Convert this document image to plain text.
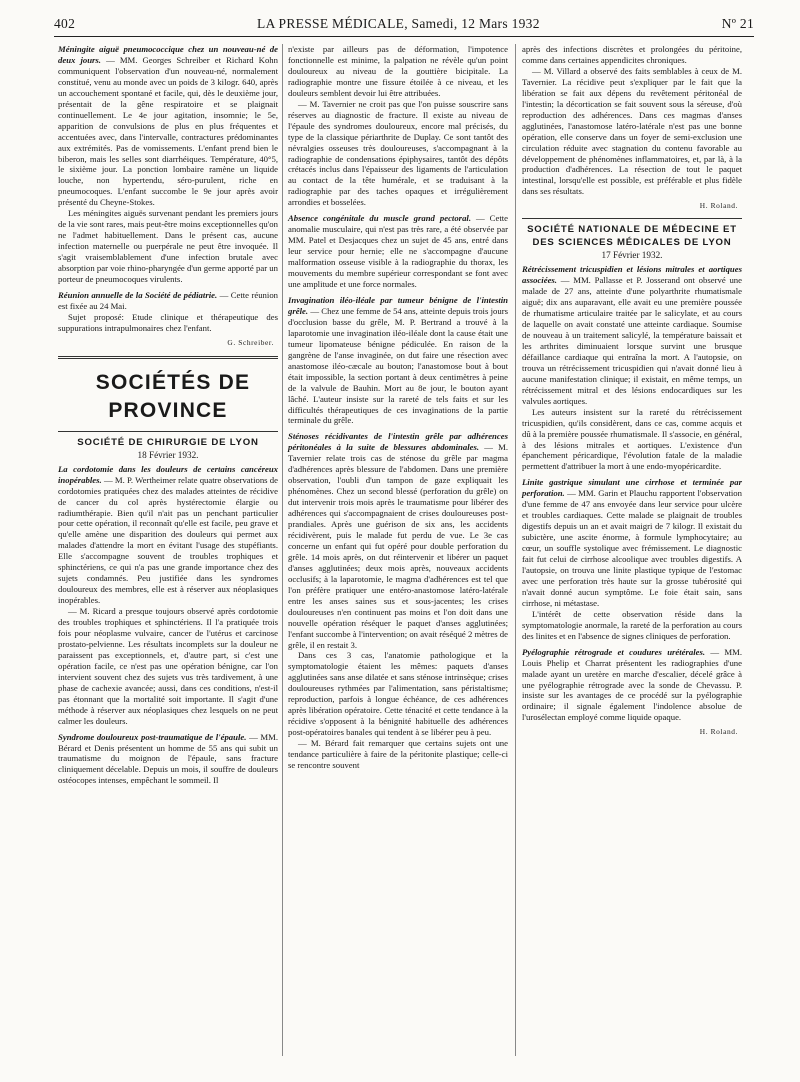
402	LA PRESSE MÉDICALE, Samedi, 12 Mars 1932	Nº 21

Méningite aiguë pneumococcique chez un nouveau-né de deux jours. — MM. Georges Schreiber et Richard Kohn communiquent l'observation d'un nouveau-né, normalement constitué, venu au monde avec un poids de 3 kilogr. 640, après un accouchement spontané et facile, qui, dès le deuxième jour, présentait de la gêne respiratoire et se plaignait continuellement. Le 4e jour agitation, insomnie; le 5e, apparition de convulsions de plus en plus fréquentes et accentuées avec, dans l'intervalle, contractures prédominantes aux extrémités. Pas de vomissements. L'enfant prend bien le biberon, mais les selles sont diarrhéiques. Température, 40°5, le sixième jour. La ponction lombaire ramène un liquide louche, non hypertendu, séro-purulent, riche en pneumocoques. L'enfant succombe le 9e jour après avoir présenté du Cheyne-Stokes.

Les méningites aiguës survenant pendant les premiers jours de la vie sont rares, mais peut-être moins exceptionnelles qu'on ne l'admet habituellement. Dans le présent cas, aucune infection maternelle ou puerpérale ne peut être invoquée. Il s'agit vraisemblablement d'une infection brutale avec absorption par voie rhino-pharyngée d'un germe apporté par un porteur de pneumocoques virulents.

Réunion annuelle de la Société de pédiatrie. — Cette réunion est fixée au 24 Mai.

Sujet proposé: Etude clinique et thérapeutique des suppurations intrapulmonaires chez l'enfant.

G. Schreiber.

SOCIÉTÉS DE PROVINCE

SOCIÉTÉ DE CHIRURGIE DE LYON

18 Février 1932.

La cordotomie dans les douleurs de certains cancéreux inopérables. — M. P. Wertheimer relate quatre observations de cordotomies pratiquées chez des malades atteintes de récidive de cancer du col après hystérectomie élargie ou radiumthérapie. Bien qu'il n'ait pas un penchant particulier pour cette opération, il reconnaît qu'elle est facile, peu grave et qu'elle amène une disparition des douleurs qui permet aux malades d'attendre la mort en évitant l'usage des stupéfiants. Elle s'accompagne souvent de troubles trophiques et sphinctériens, ce qui n'a pas une grande importance chez des sujets condamnés. Peu justifiée dans les syndromes douloureux des membres, elle est à réserver aux néoplasiques inopérables.

— M. Ricard a presque toujours observé après cordotomie des troubles trophiques et sphinctériens. Il l'a pratiquée trois fois pour néoplasme vulvaire, cancer de l'utérus et carcinose prostato-pelvienne. Les résultats incomplets sur la douleur ne paraissent pas exceptionnels, et, d'autre part, si c'est une opération facile, ce n'est pas une opération bénigne, car l'on intervient souvent chez des sujets vus très tardivement, à une phase de cachexie avancée; aussi, dans ces conditions, n'est-il pas étonnant que la mortalité soit importante. Il s'agit d'une méthode à réserver aux néoplasiques chez lesquels on ne peut calmer les douleurs.

Syndrome douloureux post-traumatique de l'épaule. — MM. Bérard et Denis présentent un homme de 55 ans qui subit un traumatisme du moignon de l'épaule, sans fracture cliniquement décelable. Depuis un mois, il souffre de douleurs ostéocopes intenses, empêchant le sommeil. Il

n'existe par ailleurs pas de déformation, l'impotence fonctionnelle est minime, la palpation ne révèle qu'un point douloureux au niveau de la gouttière bicipitale. La radiographie montre une fissure étoilée à ce niveau, et les douleurs semblent devoir lui être attribuées.

— M. Tavernier ne croit pas que l'on puisse souscrire sans réserves au diagnostic de fracture. Il existe au niveau de l'épaule des syndromes douloureux, encore mal précisés, du type de la classique périarthrite de Duplay. Ce sont tantôt des névralgies osseuses très douloureuses, s'accompagnant à la radiographie de condensations épiphysaires, tantôt des dépôts crétacés inclus dans l'épaisseur des ligaments de l'articulation au contact de la tête humérale, et se traduisant à la radiographie par des taches opaques et irrégulièrement arrondies et bosselées.

Absence congénitale du muscle grand pectoral. — Cette anomalie musculaire, qui n'est pas très rare, a été observée par MM. Patel et Desjacques chez un sujet de 45 ans, entré dans leur service pour hernie; elle ne s'accompagne d'aucune malformation osseuse visible à la radiographie du thorax, les mouvements du membre supérieur correspondant se font avec une amplitude et une force normales.

Invagination iléo-iléale par tumeur bénigne de l'intestin grêle. — Chez une femme de 54 ans, atteinte depuis trois jours d'occlusion basse du grêle, M. P. Bertrand a trouvé à la laparotomie une invagination iléo-iléale dont la cause était une tumeur lipomateuse bénigne pédiculée. En raison de la gangrène de l'anse invaginée, on dut faire une résection avec anastomose iléo-cæcale au bouton; l'anastomose bout à bout était impossible, la section portant à deux centimètres à peine de la valvule de Bauhin. Mort au 8e jour, le bouton ayant lâché. L'auteur insiste sur la rareté de tels faits et sur les difficultés thérapeutiques de ces invaginations de la partie terminale du grêle.

Sténoses récidivantes de l'intestin grêle par adhérences péritonéales à la suite de blessures abdominales. — M. Tavernier relate trois cas de sténose du grêle par magma d'adhérences après blessure de l'abdomen. Dans une première observation, l'oubli d'un tampon de gaze expliquait les phénomènes. Chez un second blessé (perforation du grêle) on dut intervenir trois mois après le traumatisme pour libérer des adhérences qui s'accompagnaient de crises douloureuses post-prandiales. Après une guérison de six ans, les accidents récidivèrent, puis le malade fut perdu de vue. Le 3e cas concerne un enfant qui fut opéré pour double perforation du grêle. 14 mois après, on dut réintervenir et libérer un paquet d'anses agglutinées; deux mois après, nouveaux accidents occlusifs; à la laparotomie, le magma d'adhérences est tel que l'on préfère pratiquer une entéro-anastomose latéro-latérale entre les anses saines sus et sous-jacentes; les crises douloureuses n'en continuent pas moins et l'on doit dans une nouvelle opération réséquer le paquet d'anses agglutinées; l'enfant succombe à l'intervention; on avait réséqué 2 mètres de grêle, il en restait 3.

Dans ces 3 cas, l'anatomie pathologique et la symptomatologie étaient les mêmes: paquets d'anses agglutinées sans anse dilatée et sans sténose intrinsèque; crises douloureuses rythmées par l'alimentation, sans péristaltisme; reproduction, parfois à longue échéance, de ces adhérences après libération opératoire. Cette ténacité et cette tendance à la récidive s'opposent à la bénignité habituelle des adhérences post-opératoires banales qui tendent à se libérer peu à peu.

— M. Bérard fait remarquer que certains sujets ont une tendance particulière à faire de la péritonite plastique; celle-ci se rencontre souvent

après des infections discrètes et prolongées du péritoine, comme dans certaines appendicites chroniques.

— M. Villard a observé des faits semblables à ceux de M. Tavernier. La récidive peut s'expliquer par le fait que la libération se fait aux dépens du revêtement péritonéal de l'intestin; la décortication se fait souvent sous la séreuse, d'où reproduction des adhérences. Dans ces magmas d'anses agglutinées, l'anastomose latéro-latérale n'est pas une bonne opération, elle conserve dans un foyer de semi-exclusion une circulation réduite avec stagnation du contenu favorable au développement de phénomènes inflammatoires, et, par là, à la production d'adhérences. La résection de tout le paquet intestinal, lorsqu'elle est possible, est préférable et plus fidèle dans ses résultats.

H. Roland.

SOCIÉTÉ NATIONALE DE MÉDECINE ET DES SCIENCES MÉDICALES DE LYON

17 Février 1932.

Rétrécissement tricuspidien et lésions mitrales et aortiques associées. — MM. Pallasse et P. Josserand ont observé une malade de 27 ans, atteinte d'une polyarthrite rhumatismale aiguë; dix ans auparavant, elle avait eu une première poussée de rhumatisme articulaire traitée par le salicylate, et au cours de laquelle on avait constaté une atteinte cardiaque. Soumise de nouveau à un traitement salicylé, la température baissait et les arthrites diminuaient lorsque survint une brusque défaillance cardiaque qui entraîna la mort. A l'autopsie, on trouva un rétrécissement tricuspidien qui n'avait donné lieu à aucune manifestation clinique; il existait, en même temps, un rétrécissement mitral et des lésions endocardiques sur les valvules aortiques.

Les auteurs insistent sur la rareté du rétrécissement tricuspidien, qu'ils considèrent, dans ce cas, comme acquis et dû à la première poussée rhumatismale. Il s'associe, en général, à des lésions mitrales et aortiques. L'existence d'un épanchement péricardique, l'évolution fatale de la maladie permettent d'attribuer la mort à une endo-myopéricardite.

Linite gastrique simulant une cirrhose et terminée par perforation. — MM. Garin et Plauchu rapportent l'observation d'une femme de 47 ans envoyée dans leur service pour ulcère et troubles cardiaques. Cette malade se plaignait de troubles digestifs depuis un an et avait maigri de 7 kilogr. Il existait du subictère, une ascite énorme, à formule lymphocytaire; au cœur, un souffle systolique avec frémissement. Le diagnostic fait fut celui de cirrhose alcoolique avec troubles digestifs. A l'autopsie, on trouva une linite plastique typique de l'estomac avec une perforation très haute sur la grosse tubérosité qui n'avait donné aucun symptôme. Le foie était sain, sans cirrhose, ni métastase.

L'intérêt de cette observation réside dans la symptomatologie anormale, la rareté de la perforation au cours des linites et en l'absence de signes cliniques de perforation.

Pyélographie rétrograde et coudures urétérales. — MM. Louis Phelip et Charrat présentent les radiographies d'une malade ayant un uretère en marche d'escalier, décelé grâce à une pyélographie rétrograde avec la sonde de Chevassu. P. insiste sur les avantages de ce procédé sur la pyélographie ordinaire; il signale également l'indolence absolue de l'urosélectan employé comme liquide opaque.

H. Roland.
